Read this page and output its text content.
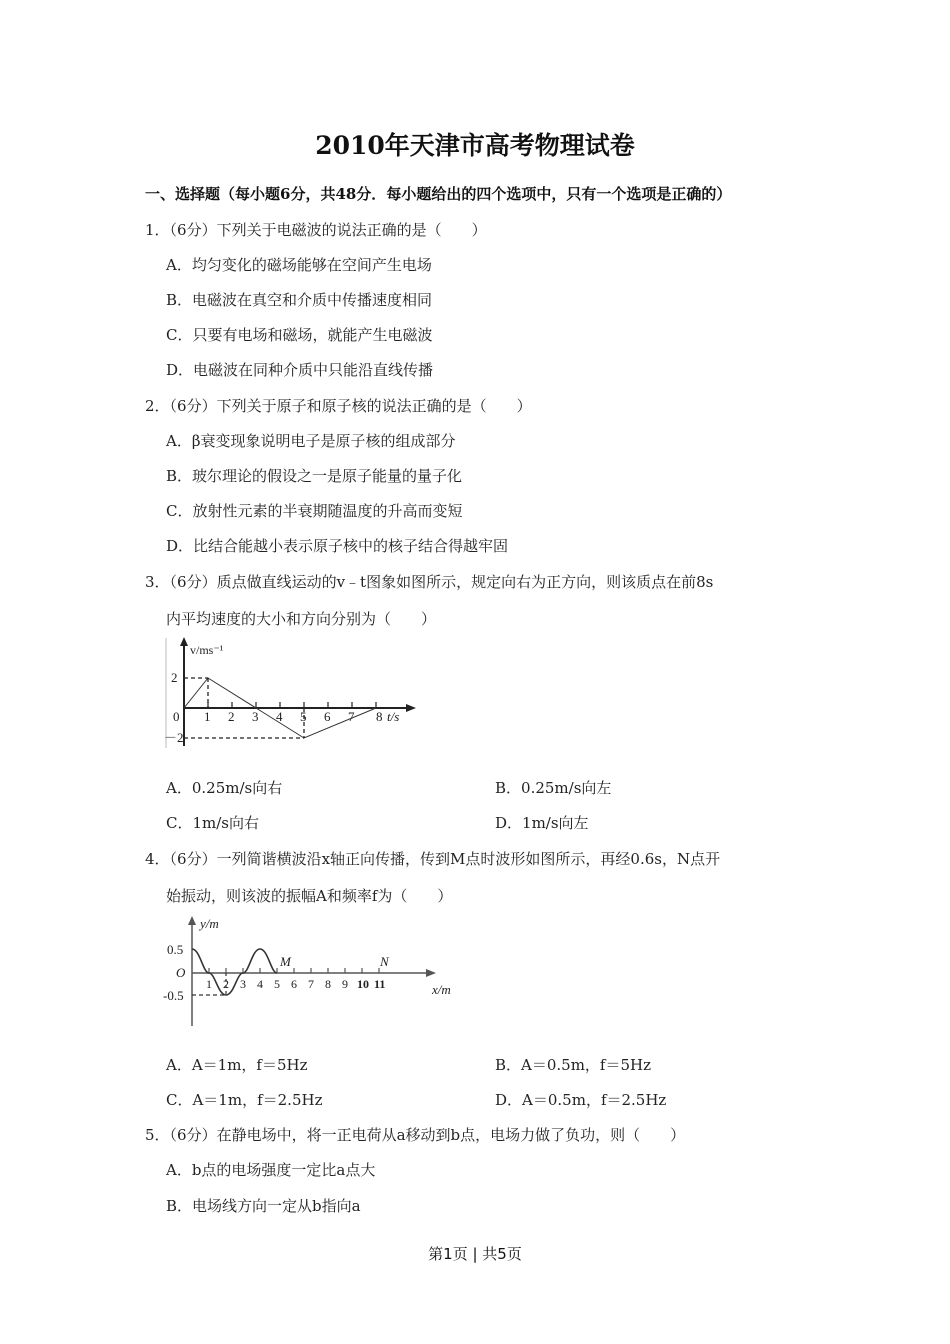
2010年天津市高考物理试卷
一、选择题（每小题6分，共48分．每小题给出的四个选项中，只有一个选项是正确的）
1．（6分）下列关于电磁波的说法正确的是（　　）
A．均匀变化的磁场能够在空间产生电场
B．电磁波在真空和介质中传播速度相同
C．只要有电场和磁场，就能产生电磁波
D．电磁波在同种介质中只能沿直线传播
2．（6分）下列关于原子和原子核的说法正确的是（　　）
A．β衰变现象说明电子是原子核的组成部分
B．玻尔理论的假设之一是原子能量的量子化
C．放射性元素的半衰期随温度的升高而变短
D．比结合能越小表示原子核中的核子结合得越牢固
3．（6分）质点做直线运动的v﹣t图象如图所示，规定向右为正方向，则该质点在前8s
内平均速度的大小和方向分别为（　　）
v/ms⁻¹
2
－2
0 1 2 3 4 5 6 7 8 t/s
A．0.25m/s向右	B．0.25m/s向左
C．1m/s向右	D．1m/s向左
4．（6分）一列简谐横波沿x轴正向传播，传到M点时波形如图所示，再经0.6s，N点开
始振动，则该波的振幅A和频率f为（　　）
y/m
0.5
-0.5
O
1 2 3 4 5 6 7 8 9 10 11
M	N
x/m
A．A＝1m，f＝5Hz	B．A＝0.5m，f＝5Hz
C．A＝1m，f＝2.5Hz	D．A＝0.5m，f＝2.5Hz
5．（6分）在静电场中，将一正电荷从a移动到b点，电场力做了负功，则（　　）
A．b点的电场强度一定比a点大
B．电场线方向一定从b指向a
第1页 | 共5页
